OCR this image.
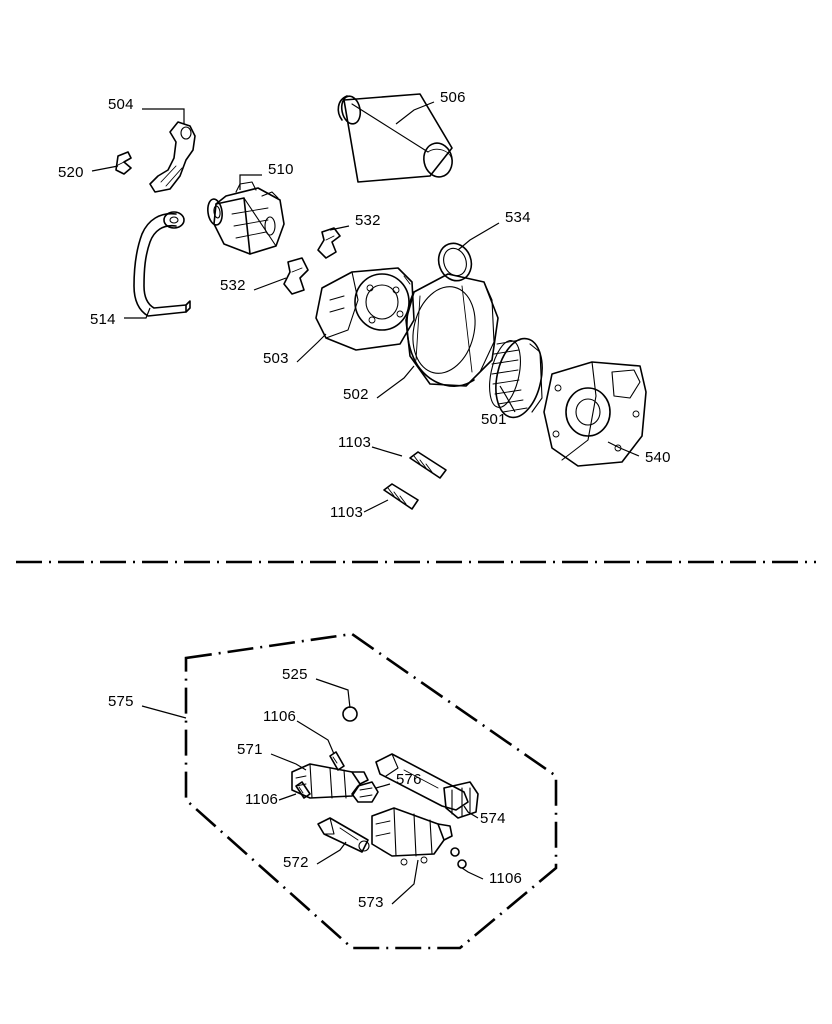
504
520
506
510
532	534
532
514
503
502
501
540
1103
1103
575
525
1106
571
576
1106
574
572
1106
573
